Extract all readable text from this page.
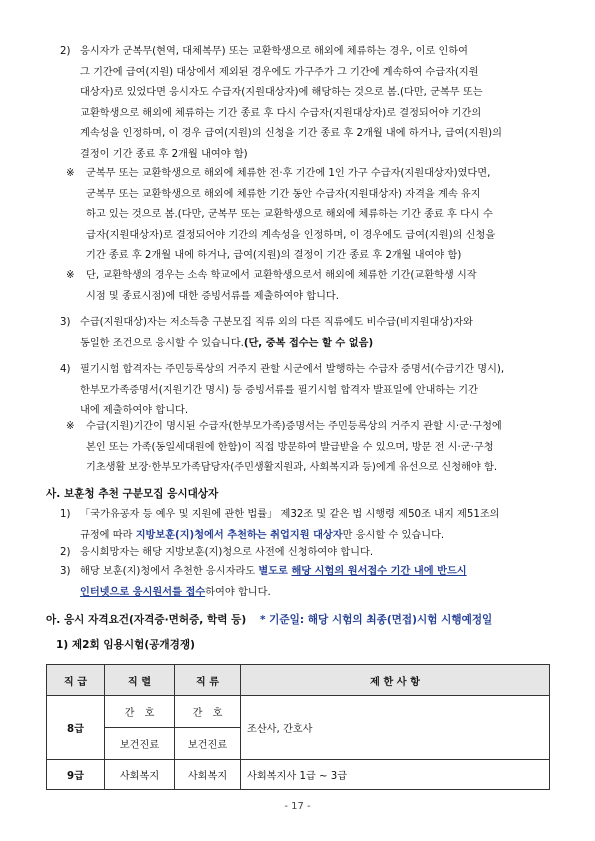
2) 응시자가 군복무(현역, 대체복무) 또는 교환학생으로 해외에 체류하는 경우, 이로 인하여
그 기간에 급여(지원) 대상에서 제외된 경우에도 가구주가 그 기간에 계속하여 수급자(지원
대상자)로 있었다면 응시자도 수급자(지원대상자)에 해당하는 것으로 봄.(다만, 군복무 또는
교환학생으로 해외에 체류하는 기간 종료 후 다시 수급자(지원대상자)로 결정되어야 기간의
계속성을 인정하며, 이 경우 급여(지원)의 신청을 기간 종료 후 2개월 내에 하거나, 급여(지원)의
결정이 기간 종료 후 2개월 내여야 함)
※ 군복무 또는 교환학생으로 해외에 체류한 전·후 기간에 1인 가구 수급자(지원대상자)였다면,
군복무 또는 교환학생으로 해외에 체류한 기간 동안 수급자(지원대상자) 자격을 계속 유지
하고 있는 것으로 봄.(다만, 군복무 또는 교환학생으로 해외에 체류하는 기간 종료 후 다시 수
급자(지원대상자)로 결정되어야 기간의 계속성을 인정하며, 이 경우에도 급여(지원)의 신청을
기간 종료 후 2개월 내에 하거나, 급여(지원)의 결정이 기간 종료 후 2개월 내여야 함)
※ 단, 교환학생의 경우는 소속 학교에서 교환학생으로서 해외에 체류한 기간(교환학생 시작
시점 및 종료시점)에 대한 증빙서류를 제출하여야 합니다.
3) 수급(지원대상)자는 저소득층 구분모집 직류 외의 다른 직류에도 비수급(비지원대상)자와
동일한 조건으로 응시할 수 있습니다.(단, 중복 접수는 할 수 없음)
4) 필기시험 합격자는 주민등록상의 거주지 관할 시군에서 발행하는 수급자 증명서(수급기간 명시),
한부모가족증명서(지원기간 명시) 등 증빙서류를 필기시험 합격자 발표일에 안내하는 기간
내에 제출하여야 합니다.
※ 수급(지원)기간이 명시된 수급자(한부모가족)증명서는 주민등록상의 거주지 관할 시·군·구청에
본인 또는 가족(동일세대원에 한함)이 직접 방문하여 발급받을 수 있으며, 방문 전 시·군·구청
기초생활 보장·한부모가족담당자(주민생활지원과, 사회복지과 등)에게 유선으로 신청해야 함.
사. 보훈청 추천 구분모집 응시대상자
1) 「국가유공자 등 예우 및 지원에 관한 법률」 제32조 및 같은 법 시행령 제50조 내지 제51조의
규정에 따라 지방보훈(지)청에서 추천하는 취업지원 대상자만 응시할 수 있습니다.
2) 응시희망자는 해당 지방보훈(지)청으로 사전에 신청하여야 합니다.
3) 해당 보훈(지)청에서 추천한 응시자라도 별도로 해당 시험의 원서접수 기간 내에 반드시
인터넷으로 응시원서를 접수하여야 합니다.
아. 응시 자격요건(자격증·면허증, 학력 등) * 기준일: 해당 시험의 최종(면접)시험 시행예정일
1) 제2회 임용시험(공개경쟁)
직 급	직 렬	직 류	제 한 사 항
8급	간　호	간　호	조산사, 간호사
	보건진료	보건진료	
9급	사회복지	사회복지	사회복지사 1급 ~ 3급
- 17 -
